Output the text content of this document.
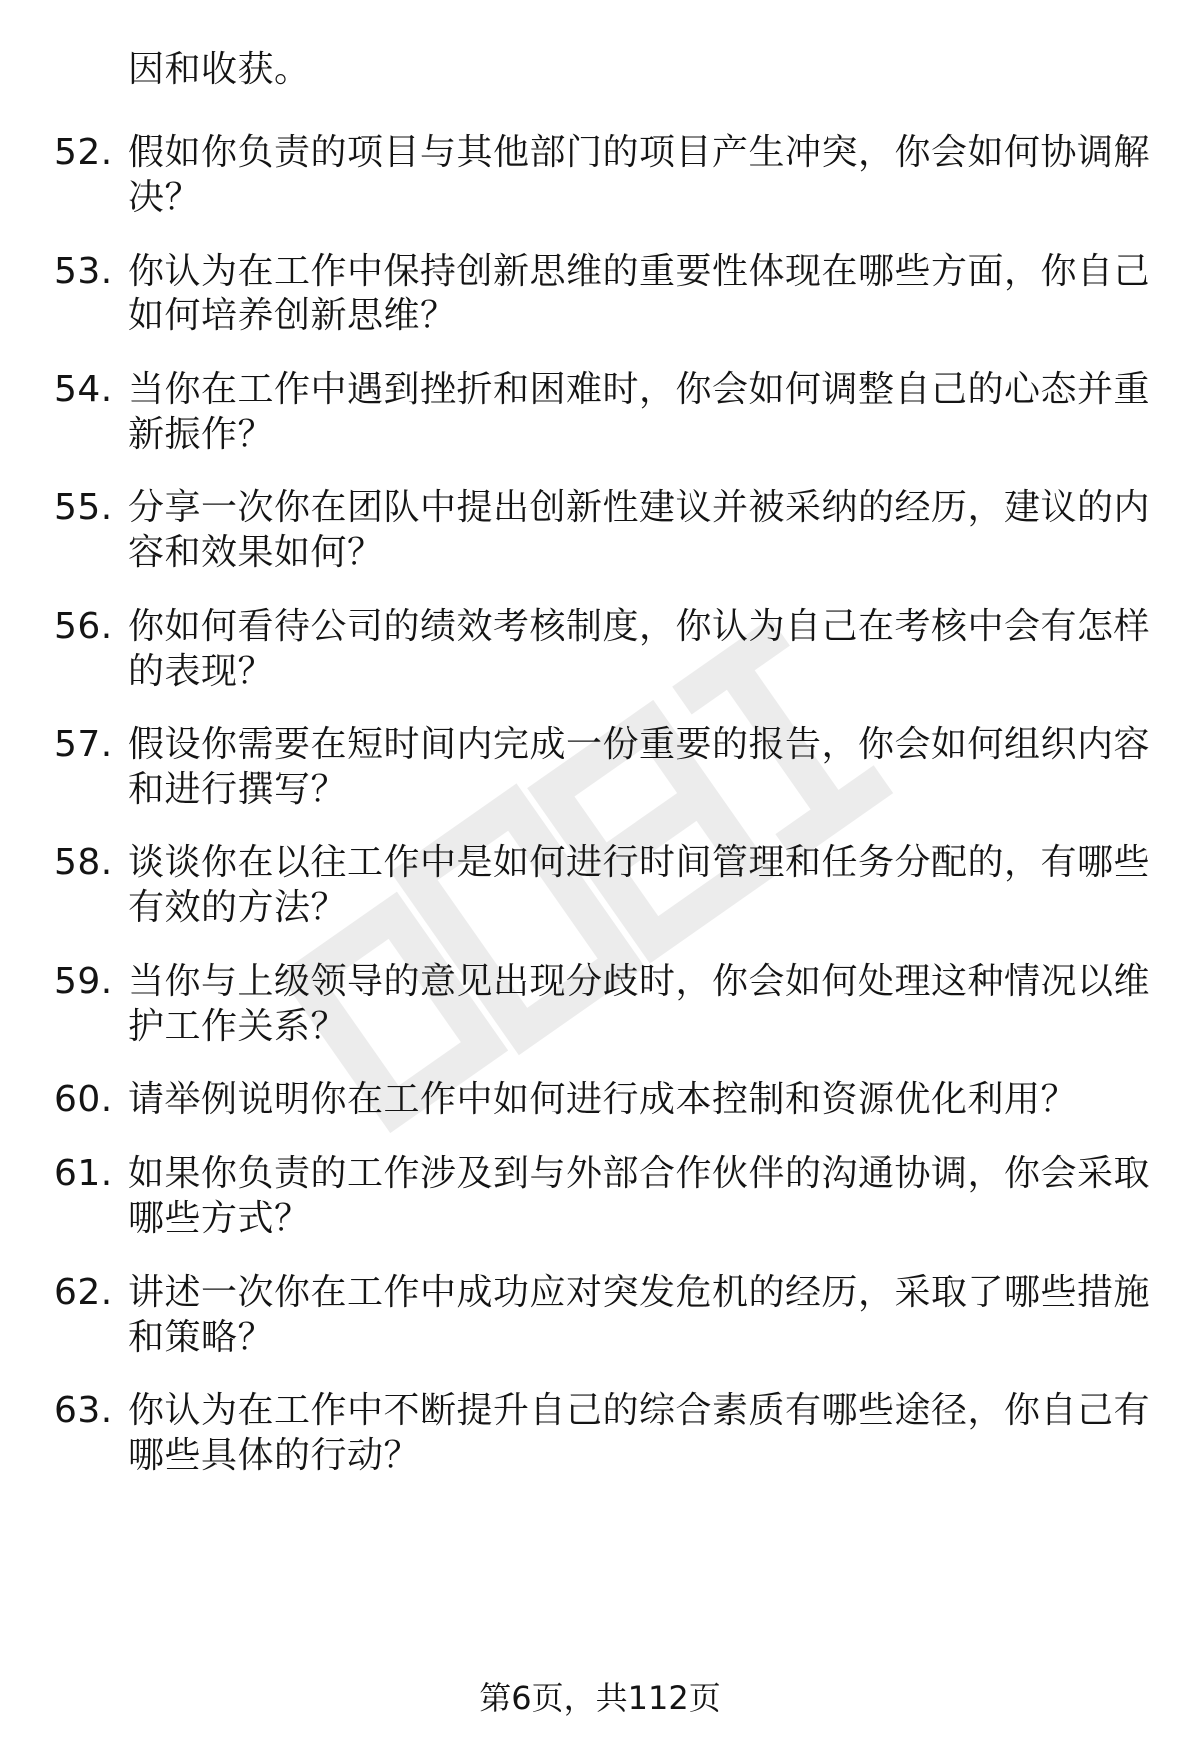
因和收获。
52. 假如你负责的项目与其他部门的项目产生冲突，你会如何协调解
决？
53. 你认为在工作中保持创新思维的重要性体现在哪些方面，你自己
如何培养创新思维？
54. 当你在工作中遇到挫折和困难时，你会如何调整自己的心态并重
新振作？
55. 分享一次你在团队中提出创新性建议并被采纳的经历，建议的内
容和效果如何？
56. 你如何看待公司的绩效考核制度，你认为自己在考核中会有怎样
的表现？
57. 假设你需要在短时间内完成一份重要的报告，你会如何组织内容
和进行撰写？
58. 谈谈你在以往工作中是如何进行时间管理和任务分配的，有哪些
有效的方法？
59. 当你与上级领导的意见出现分歧时，你会如何处理这种情况以维
护工作关系？
60. 请举例说明你在工作中如何进行成本控制和资源优化利用？
61. 如果你负责的工作涉及到与外部合作伙伴的沟通协调，你会采取
哪些方式？
62. 讲述一次你在工作中成功应对突发危机的经历，采取了哪些措施
和策略？
63. 你认为在工作中不断提升自己的综合素质有哪些途径，你自己有
哪些具体的行动？
第6页，共112页
